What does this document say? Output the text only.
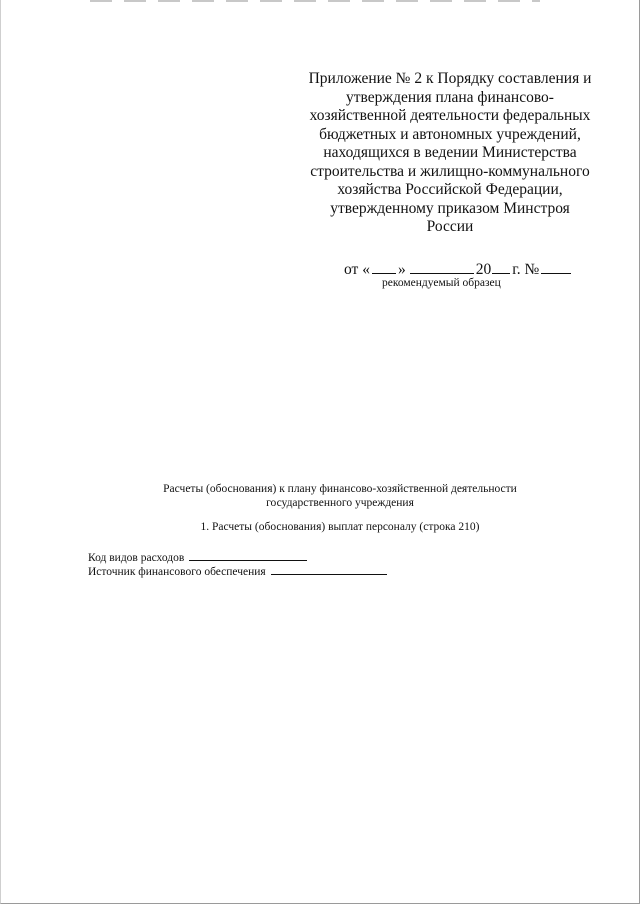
Приложение № 2 к Порядку составления и
утверждения плана финансово-
хозяйственной деятельности федеральных
бюджетных и автономных учреждений,
находящихся в ведении Министерства
строительства и жилищно-коммунального
хозяйства Российской Федерации,
утвержденному приказом Минстроя
России
от « »	20 г. №
рекомендуемый образец
Расчеты (обоснования) к плану финансово-хозяйственной деятельности
государственного учреждения
1. Расчеты (обоснования) выплат персоналу (строка 210)
Код видов расходов
Источник финансового обеспечения
